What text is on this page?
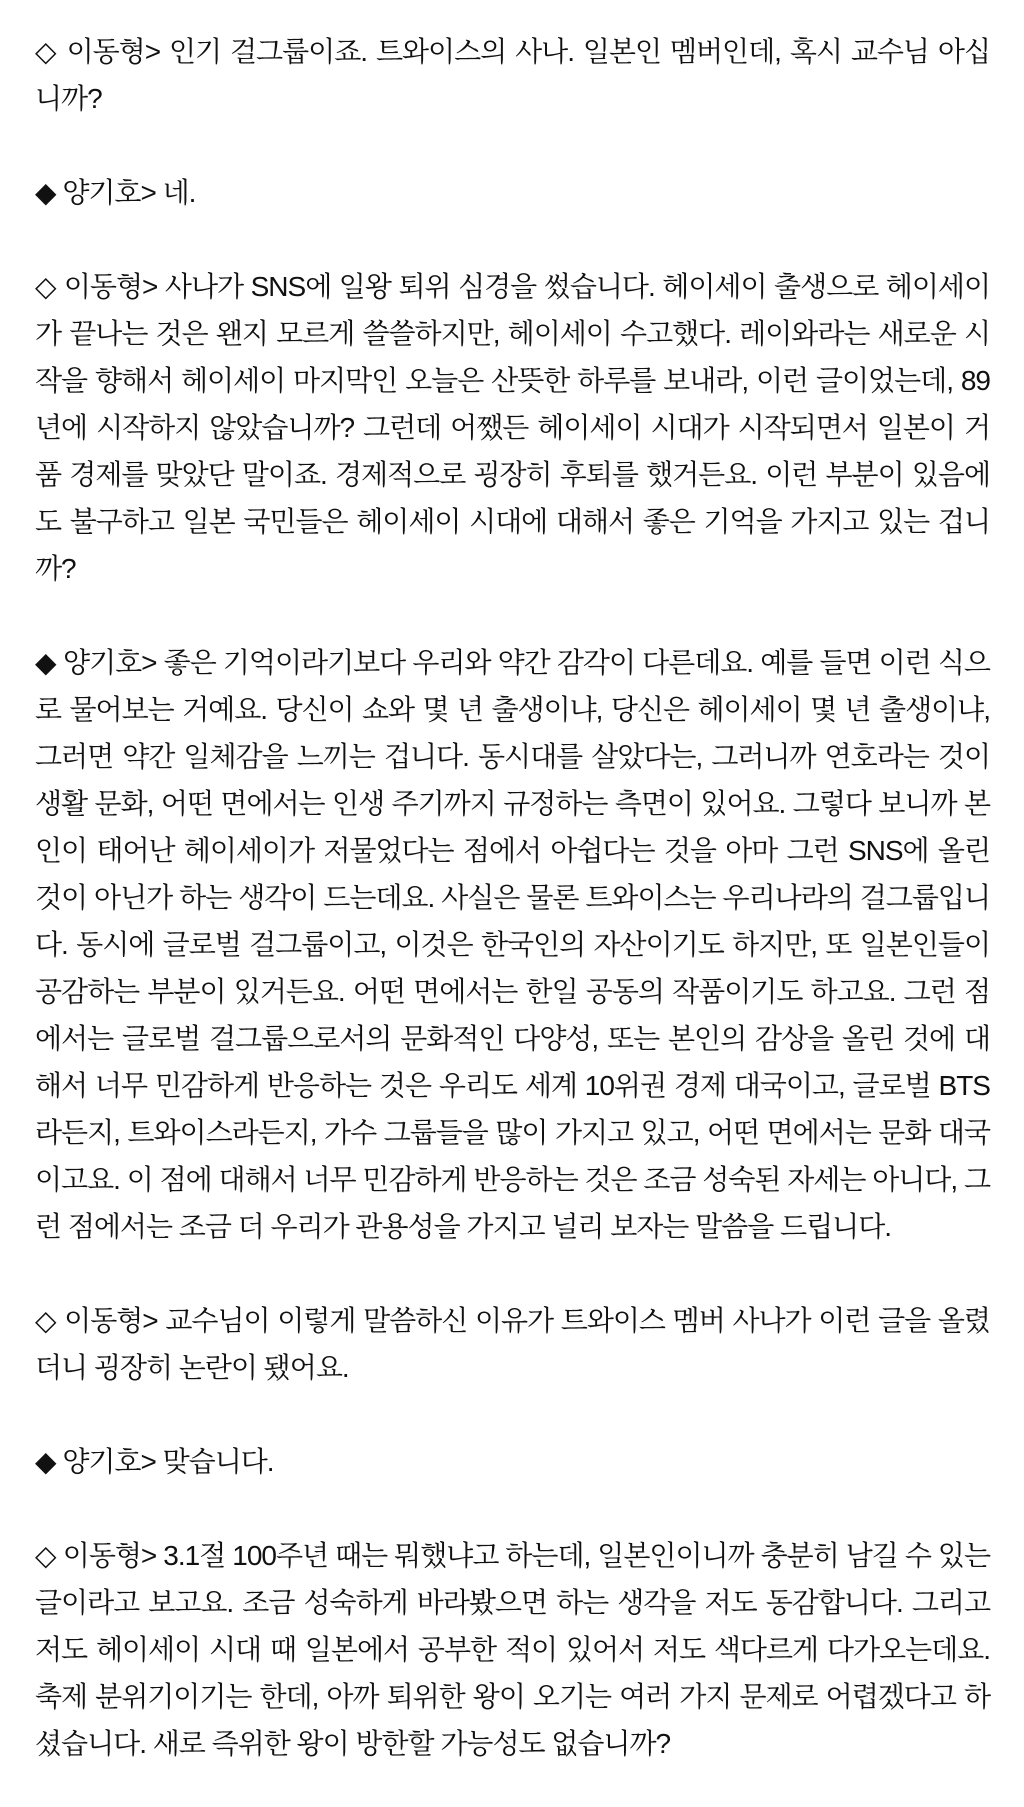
◇ 이동형> 인기 걸그룹이죠. 트와이스의 사나. 일본인 멤버인데, 혹시 교수님 아십니까?

◆ 양기호> 네.

◇ 이동형> 사나가 SNS에 일왕 퇴위 심경을 썼습니다. 헤이세이 출생으로 헤이세이가 끝나는 것은 왠지 모르게 쓸쓸하지만, 헤이세이 수고했다. 레이와라는 새로운 시작을 향해서 헤이세이 마지막인 오늘은 산뜻한 하루를 보내라, 이런 글이었는데, 89년에 시작하지 않았습니까? 그런데 어쨌든 헤이세이 시대가 시작되면서 일본이 거품 경제를 맞았단 말이죠. 경제적으로 굉장히 후퇴를 했거든요. 이런 부분이 있음에도 불구하고 일본 국민들은 헤이세이 시대에 대해서 좋은 기억을 가지고 있는 겁니까?

◆ 양기호> 좋은 기억이라기보다 우리와 약간 감각이 다른데요. 예를 들면 이런 식으로 물어보는 거예요. 당신이 쇼와 몇 년 출생이냐, 당신은 헤이세이 몇 년 출생이냐, 그러면 약간 일체감을 느끼는 겁니다. 동시대를 살았다는, 그러니까 연호라는 것이 생활 문화, 어떤 면에서는 인생 주기까지 규정하는 측면이 있어요. 그렇다 보니까 본인이 태어난 헤이세이가 저물었다는 점에서 아쉽다는 것을 아마 그런 SNS에 올린 것이 아닌가 하는 생각이 드는데요. 사실은 물론 트와이스는 우리나라의 걸그룹입니다. 동시에 글로벌 걸그룹이고, 이것은 한국인의 자산이기도 하지만, 또 일본인들이 공감하는 부분이 있거든요. 어떤 면에서는 한일 공동의 작품이기도 하고요. 그런 점에서는 글로벌 걸그룹으로서의 문화적인 다양성, 또는 본인의 감상을 올린 것에 대해서 너무 민감하게 반응하는 것은 우리도 세계 10위권 경제 대국이고, 글로벌 BTS라든지, 트와이스라든지, 가수 그룹들을 많이 가지고 있고, 어떤 면에서는 문화 대국이고요. 이 점에 대해서 너무 민감하게 반응하는 것은 조금 성숙된 자세는 아니다, 그런 점에서는 조금 더 우리가 관용성을 가지고 널리 보자는 말씀을 드립니다.

◇ 이동형> 교수님이 이렇게 말씀하신 이유가 트와이스 멤버 사나가 이런 글을 올렸더니 굉장히 논란이 됐어요.

◆ 양기호> 맞습니다.

◇ 이동형> 3.1절 100주년 때는 뭐했냐고 하는데, 일본인이니까 충분히 남길 수 있는 글이라고 보고요. 조금 성숙하게 바라봤으면 하는 생각을 저도 동감합니다. 그리고 저도 헤이세이 시대 때 일본에서 공부한 적이 있어서 저도 색다르게 다가오는데요. 축제 분위기이기는 한데, 아까 퇴위한 왕이 오기는 여러 가지 문제로 어렵겠다고 하셨습니다. 새로 즉위한 왕이 방한할 가능성도 없습니까?
